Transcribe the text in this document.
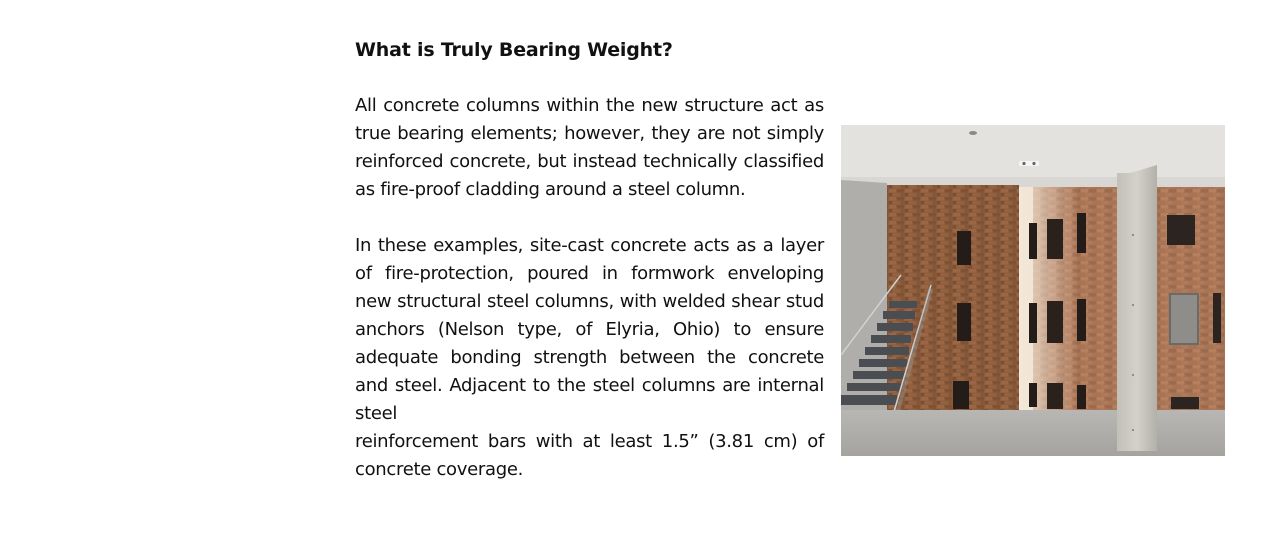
What is Truly Bearing Weight?

All concrete columns within the new structure act as true bearing elements; however, they are not simply reinforced concrete, but instead technically classified as fire-proof cladding around a steel column.

In these examples, site-cast concrete acts as a layer of fire-protection, poured in formwork enveloping new structural steel columns, with welded shear stud anchors (Nelson type, of Elyria, Ohio) to ensure adequate bonding strength between the concrete and steel. Adjacent to the steel columns are internal steel

reinforcement bars with at least 1.5” (3.81 cm) of concrete coverage.
